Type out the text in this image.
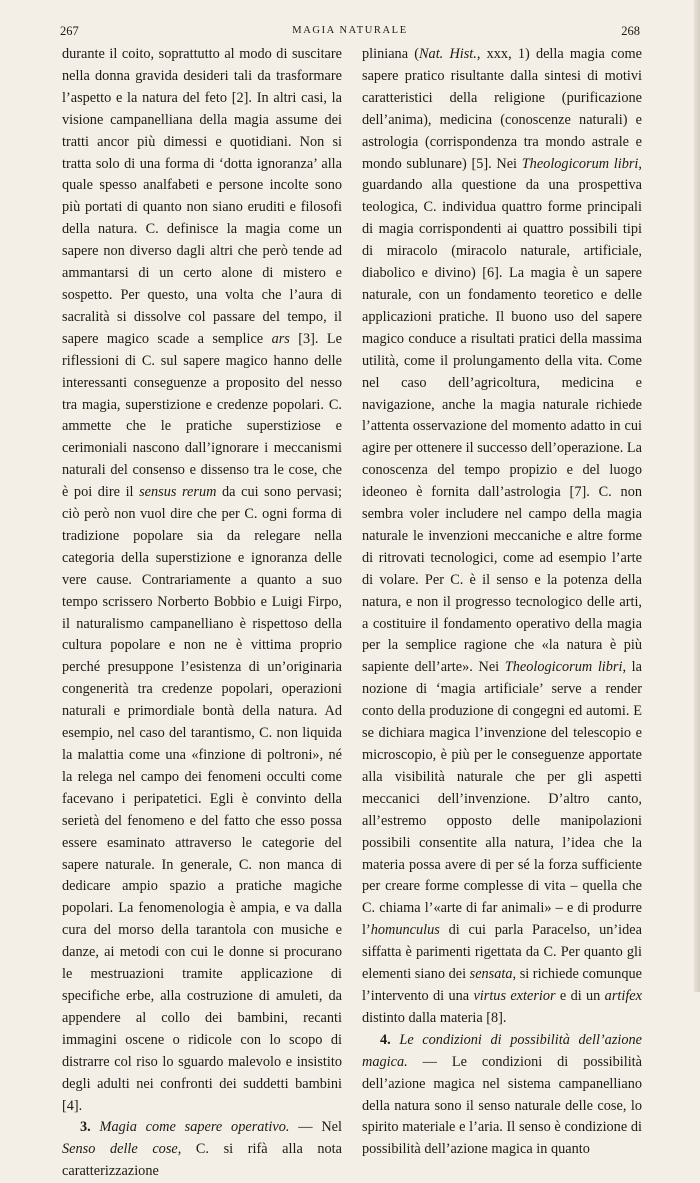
267	MAGIA NATURALE	268

durante il coito, soprattutto al modo di suscitare nella donna gravida desideri tali da trasformare l’aspetto e la natura del feto [2]. In altri casi, la visione campanelliana della magia assume dei tratti ancor più dimessi e quotidiani. Non si tratta solo di una forma di ‘dotta ignoranza’ alla quale spesso analfabeti e persone incolte sono più portati di quanto non siano eruditi e filosofi della natura. C. definisce la magia come un sapere non diverso dagli altri che però tende ad ammantarsi di un certo alone di mistero e sospetto. Per questo, una volta che l’aura di sacralità si dissolve col passare del tempo, il sapere magico scade a semplice ars [3]. Le riflessioni di C. sul sapere magico hanno delle interessanti conseguenze a proposito del nesso tra magia, superstizione e credenze popolari. C. ammette che le pratiche superstiziose e cerimoniali nascono dall’ignorare i meccanismi naturali del consenso e dissenso tra le cose, che è poi dire il sensus rerum da cui sono pervasi; ciò però non vuol dire che per C. ogni forma di tradizione popolare sia da relegare nella categoria della superstizione e ignoranza delle vere cause. Contrariamente a quanto a suo tempo scrissero Norberto Bobbio e Luigi Firpo, il naturalismo campanelliano è rispettoso della cultura popolare e non ne è vittima proprio perché presuppone l’esistenza di un’originaria congenerità tra credenze popolari, operazioni naturali e primordiale bontà della natura. Ad esempio, nel caso del tarantismo, C. non liquida la malattia come una «finzione di poltroni», né la relega nel campo dei fenomeni occulti come facevano i peripatetici. Egli è convinto della serietà del fenomeno e del fatto che esso possa essere esaminato attraverso le categorie del sapere naturale. In generale, C. non manca di dedicare ampio spazio a pratiche magiche popolari. La fenomenologia è ampia, e va dalla cura del morso della tarantola con musiche e danze, ai metodi con cui le donne si procurano le mestruazioni tramite applicazione di specifiche erbe, alla costruzione di amuleti, da appendere al collo dei bambini, recanti immagini oscene o ridicole con lo scopo di distrarre col riso lo sguardo malevolo e insistito degli adulti nei confronti dei suddetti bambini [4].

3. Magia come sapere operativo. — Nel Senso delle cose, C. si rifà alla nota caratterizzazione

pliniana (Nat. Hist., xxx, 1) della magia come sapere pratico risultante dalla sintesi di motivi caratteristici della religione (purificazione dell’anima), medicina (conoscenze naturali) e astrologia (corrispondenza tra mondo astrale e mondo sublunare) [5]. Nei Theologicorum libri, guardando alla questione da una prospettiva teologica, C. individua quattro forme principali di magia corrispondenti ai quattro possibili tipi di miracolo (miracolo naturale, artificiale, diabolico e divino) [6]. La magia è un sapere naturale, con un fondamento teoretico e delle applicazioni pratiche. Il buono uso del sapere magico conduce a risultati pratici della massima utilità, come il prolungamento della vita. Come nel caso dell’agricoltura, medicina e navigazione, anche la magia naturale richiede l’attenta osservazione del momento adatto in cui agire per ottenere il successo dell’operazione. La conoscenza del tempo propizio e del luogo ideoneo è fornita dall’astrologia [7]. C. non sembra voler includere nel campo della magia naturale le invenzioni meccaniche e altre forme di ritrovati tecnologici, come ad esempio l’arte di volare. Per C. è il senso e la potenza della natura, e non il progresso tecnologico delle arti, a costituire il fondamento operativo della magia per la semplice ragione che «la natura è più sapiente dell’arte». Nei Theologicorum libri, la nozione di ‘magia artificiale’ serve a render conto della produzione di congegni ed automi. E se dichiara magica l’invenzione del telescopio e microscopio, è più per le conseguenze apportate alla visibilità naturale che per gli aspetti meccanici dell’invenzione. D’altro canto, all’estremo opposto delle manipolazioni possibili consentite alla natura, l’idea che la materia possa avere di per sé la forza sufficiente per creare forme complesse di vita – quella che C. chiama l’«arte di far animali» – e di produrre l’homunculus di cui parla Paracelso, un’idea siffatta è parimenti rigettata da C. Per quanto gli elementi siano dei sensata, si richiede comunque l’intervento di una virtus exterior e di un artifex distinto dalla materia [8].

4. Le condizioni di possibilità dell’azione magica. — Le condizioni di possibilità dell’azione magica nel sistema campanelliano della natura sono il senso naturale delle cose, lo spirito materiale e l’aria. Il senso è condizione di possibilità dell’azione magica in quanto
